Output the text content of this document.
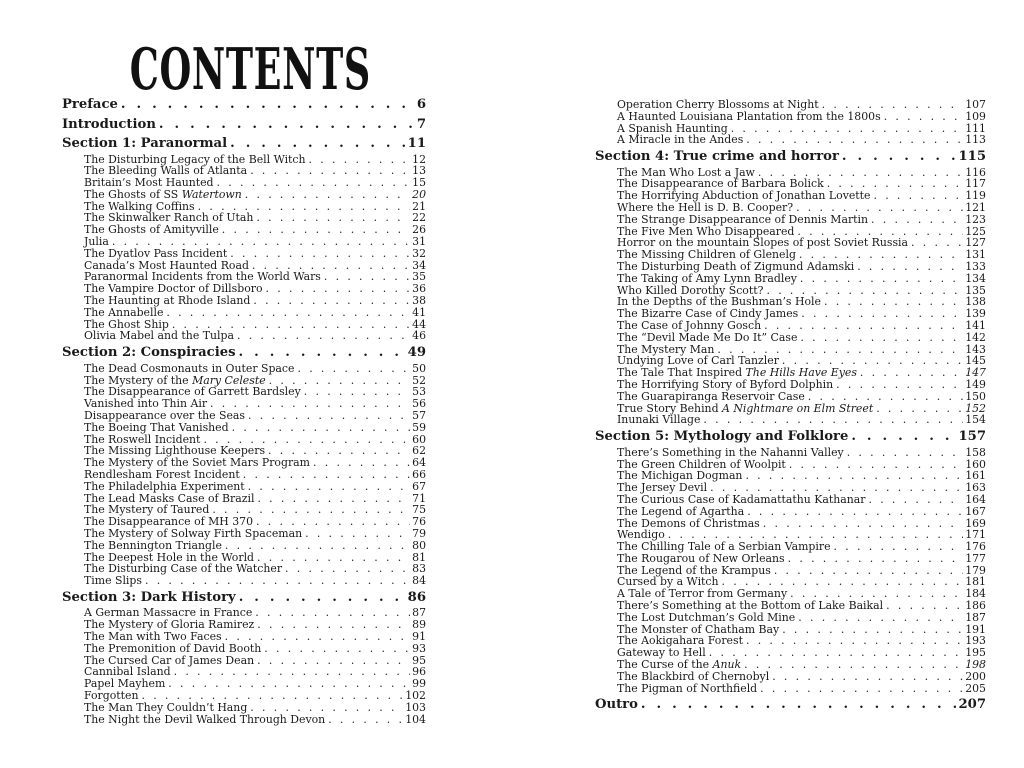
CONTENTS
Preface . . .	6
Introduction . . .	7
Section 1: Paranormal . . .	11
The Disturbing Legacy of the Bell Witch . . .	12
The Bleeding Walls of Atlanta . . .	13
Britain’s Most Haunted . . .	15
The Ghosts of SS Watertown . . .	20
The Walking Coffins . . .	21
The Skinwalker Ranch of Utah . . .	22
The Ghosts of Amityville . . .	26
Julia . . .	31
The Dyatlov Pass Incident . . .	32
Canada’s Most Haunted Road . . .	34
Paranormal Incidents from the World Wars . . .	35
The Vampire Doctor of Dillsboro . . .	36
The Haunting at Rhode Island . . .	38
The Annabelle . . .	41
The Ghost Ship . . .	44
Olivia Mabel and the Tulpa . . .	46
Section 2: Conspiracies . . .	49
The Dead Cosmonauts in Outer Space . . .	50
The Mystery of the Mary Celeste . . .	52
The Disappearance of Garrett Bardsley . . .	53
Vanished into Thin Air . . .	56
Disappearance over the Seas . . .	57
The Boeing That Vanished . . .	59
The Roswell Incident . . .	60
The Missing Lighthouse Keepers . . .	62
The Mystery of the Soviet Mars Program . . .	64
Rendlesham Forest Incident . . .	66
The Philadelphia Experiment . . .	67
The Lead Masks Case of Brazil . . .	71
The Mystery of Taured . . .	75
The Disappearance of MH 370 . . .	76
The Mystery of Solway Firth Spaceman . . .	79
The Bennington Triangle . . .	80
The Deepest Hole in the World . . .	81
The Disturbing Case of the Watcher . . .	83
Time Slips . . .	84
Section 3: Dark History . . .	86
A German Massacre in France . . .	87
The Mystery of Gloria Ramirez . . .	89
The Man with Two Faces . . .	91
The Premonition of David Booth . . .	93
The Cursed Car of James Dean . . .	95
Cannibal Island . . .	96
Papel Mayhem . . .	99
Forgotten . . .	102
The Man They Couldn’t Hang . . .	103
The Night the Devil Walked Through Devon . . .	104
Operation Cherry Blossoms at Night . . .	107
A Haunted Louisiana Plantation from the 1800s . . .	109
A Spanish Haunting . . .	111
A Miracle in the Andes . . .	113
Section 4: True crime and horror . . .	115
The Man Who Lost a Jaw . . .	116
The Disappearance of Barbara Bolick . . .	117
The Horrifying Abduction of Jonathan Lovette . . .	119
Where the Hell is D. B. Cooper? . . .	121
The Strange Disappearance of Dennis Martin . . .	123
The Five Men Who Disappeared . . .	125
Horror on the mountain Slopes of post Soviet Russia . . .	127
The Missing Children of Glenelg . . .	131
The Disturbing Death of Zigmund Adamski . . .	133
The Taking of Amy Lynn Bradley . . .	134
Who Killed Dorothy Scott? . . .	135
In the Depths of the Bushman’s Hole . . .	138
The Bizarre Case of Cindy James . . .	139
The Case of Johnny Gosch . . .	141
The “Devil Made Me Do It” Case . . .	142
The Mystery Man . . .	143
Undying Love of Carl Tanzler . . .	145
The Tale That Inspired The Hills Have Eyes . . .	147
The Horrifying Story of Byford Dolphin . . .	149
The Guarapiranga Reservoir Case . . .	150
True Story Behind A Nightmare on Elm Street . . .	152
Inunaki Village . . .	154
Section 5: Mythology and Folklore . . .	157
There’s Something in the Nahanni Valley . . .	158
The Green Children of Woolpit . . .	160
The Michigan Dogman . . .	161
The Jersey Devil . . .	163
The Curious Case of Kadamattathu Kathanar . . .	164
The Legend of Agartha . . .	167
The Demons of Christmas . . .	169
Wendigo . . .	171
The Chilling Tale of a Serbian Vampire . . .	176
The Rougarou of New Orleans . . .	177
The Legend of the Krampus . . .	179
Cursed by a Witch . . .	181
A Tale of Terror from Germany . . .	184
There’s Something at the Bottom of Lake Baikal . . .	186
The Lost Dutchman’s Gold Mine . . .	187
The Monster of Chatham Bay . . .	191
The Aokigahara Forest . . .	193
Gateway to Hell . . .	195
The Curse of the Anuk . . .	198
The Blackbird of Chernobyl . . .	200
The Pigman of Northfield . . .	205
Outro . . .	207
